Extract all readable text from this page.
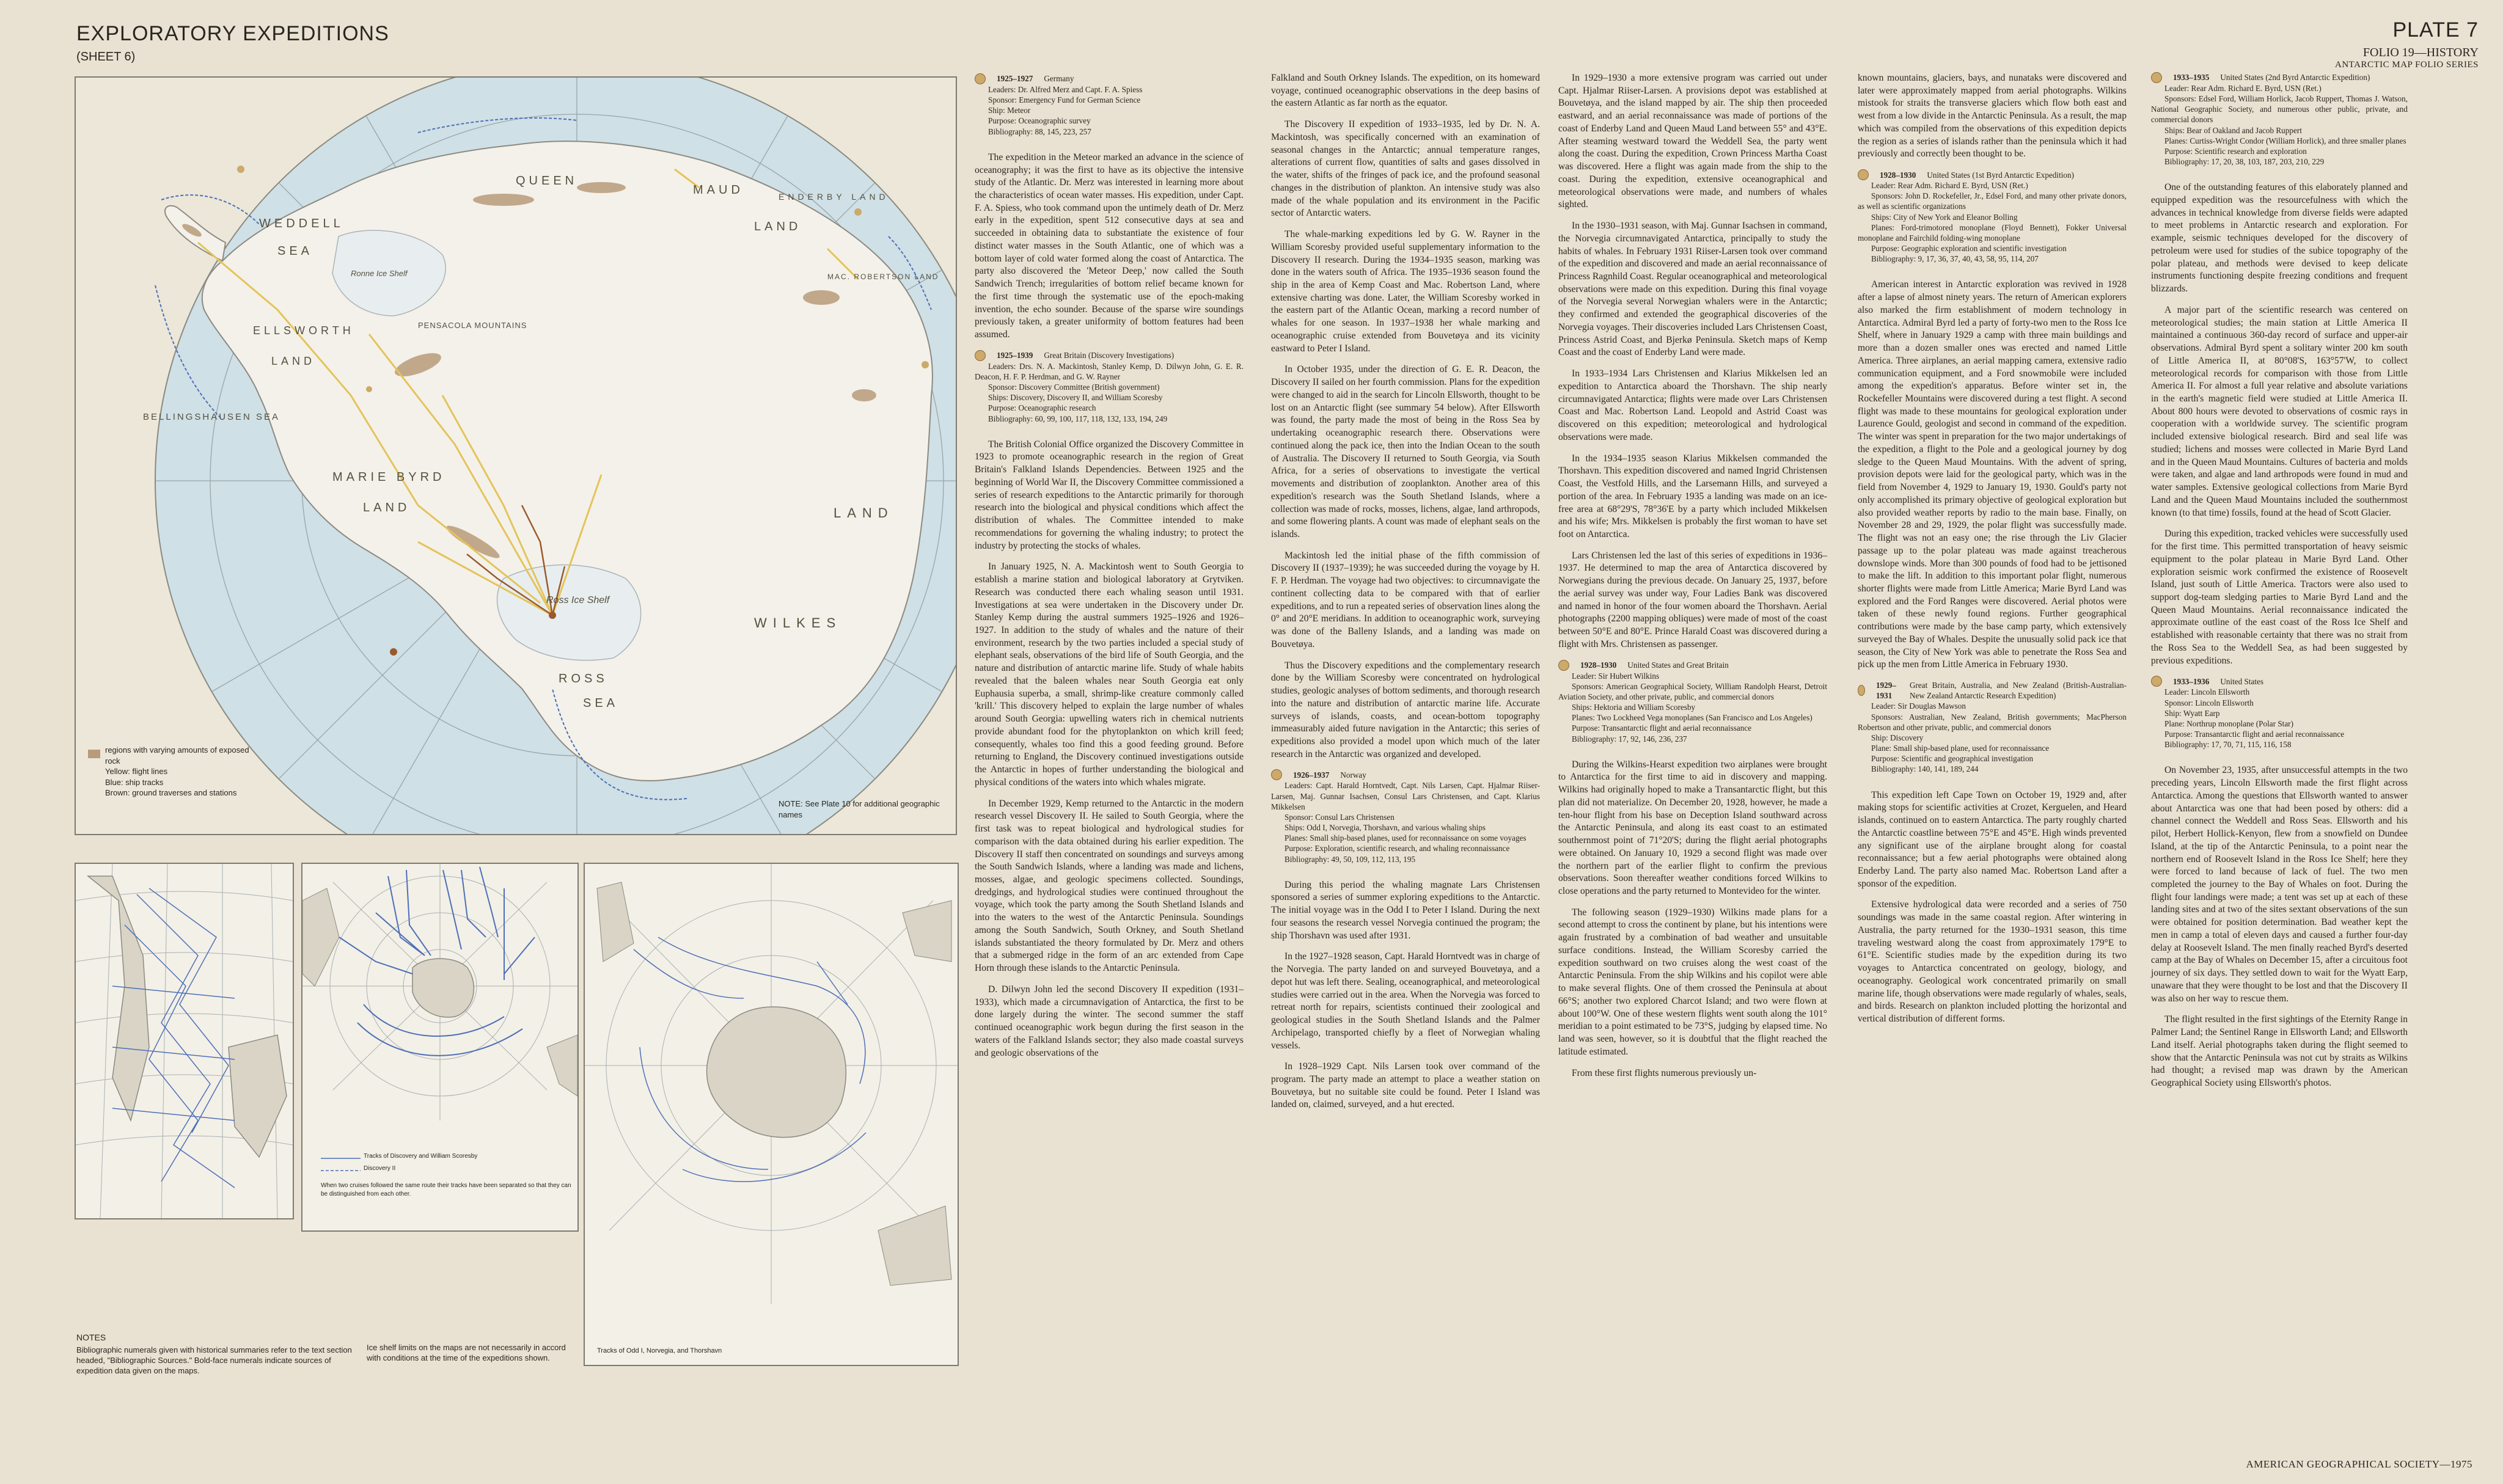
EXPLORATORY EXPEDITIONS
(SHEET 6)
PLATE 7
FOLIO 19—HISTORY
ANTARCTIC MAP FOLIO SERIES
AMERICAN GEOGRAPHICAL SOCIETY—1975
QUEEN
MAUD
LAND
WEDDELL
SEA
ENDERBY LAND
MAC. ROBERTSON LAND
PENSACOLA MOUNTAINS
ELLSWORTH
LAND
BELLINGSHAUSEN SEA
MARIE BYRD
LAND
Ross Ice Shelf
ROSS
SEA
WILKES
LAND
Ronne Ice Shelf
regions with varying amounts of exposed rock
Yellow: flight lines
Blue: ship tracks
Brown: ground traverses and stations
NOTE: See Plate 10 for additional geographic names
Tracks of Discovery and William Scoresby
Discovery II
When two cruises followed the same route their tracks have been separated so that they can be distinguished from each other.
Tracks of Odd I, Norvegia, and Thorshavn
NOTES
Bibliographic numerals given with historical summaries refer to the text section headed, "Bibliographic Sources." Bold-face numerals indicate sources of expedition data given on the maps.
Ice shelf limits on the maps are not necessarily in accord with conditions at the time of the expeditions shown.
1925–1927 Germany

Leaders: Dr. Alfred Merz and Capt. F. A. Spiess

Sponsor: Emergency Fund for German Science

Ship: Meteor

Purpose: Oceanographic survey

Bibliography: 88, 145, 223, 257

The expedition in the Meteor marked an advance in the science of oceanography; it was the first to have as its objective the intensive study of the Atlantic. Dr. Merz was interested in learning more about the characteristics of ocean water masses. His expedition, under Capt. F. A. Spiess, who took command upon the untimely death of Dr. Merz early in the expedition, spent 512 consecutive days at sea and succeeded in obtaining data to substantiate the existence of four distinct water masses in the South Atlantic, one of which was a bottom layer of cold water formed along the coast of Antarctica. The party also discovered the 'Meteor Deep,' now called the South Sandwich Trench; irregularities of bottom relief became known for the first time through the systematic use of the epoch-making invention, the echo sounder. Because of the sparse wire soundings previously taken, a greater uniformity of bottom features had been assumed.

1925–1939 Great Britain (Discovery Investigations)

Leaders: Drs. N. A. Mackintosh, Stanley Kemp, D. Dilwyn John, G. E. R. Deacon, H. F. P. Herdman, and G. W. Rayner

Sponsor: Discovery Committee (British government)

Ships: Discovery, Discovery II, and William Scoresby

Purpose: Oceanographic research

Bibliography: 60, 99, 100, 117, 118, 132, 133, 194, 249

The British Colonial Office organized the Discovery Committee in 1923 to promote oceanographic research in the region of Great Britain's Falkland Islands Dependencies. Between 1925 and the beginning of World War II, the Discovery Committee commissioned a series of research expeditions to the Antarctic primarily for thorough research into the biological and physical conditions which affect the distribution of whales. The Committee intended to make recommendations for governing the whaling industry; to protect the industry by protecting the stocks of whales.

In January 1925, N. A. Mackintosh went to South Georgia to establish a marine station and biological laboratory at Grytviken. Research was conducted there each whaling season until 1931. Investigations at sea were undertaken in the Discovery under Dr. Stanley Kemp during the austral summers 1925–1926 and 1926–1927. In addition to the study of whales and the nature of their environment, research by the two parties included a special study of elephant seals, observations of the bird life of South Georgia, and the nature and distribution of antarctic marine life. Study of whale habits revealed that the baleen whales near South Georgia eat only Euphausia superba, a small, shrimp-like creature commonly called 'krill.' This discovery helped to explain the large number of whales around South Georgia: upwelling waters rich in chemical nutrients provide abundant food for the phytoplankton on which krill feed; consequently, whales too find this a good feeding ground. Before returning to England, the Discovery continued investigations outside the Antarctic in hopes of further understanding the biological and physical conditions of the waters into which whales migrate.

In December 1929, Kemp returned to the Antarctic in the modern research vessel Discovery II. He sailed to South Georgia, where the first task was to repeat biological and hydrological studies for comparison with the data obtained during his earlier expedition. The Discovery II staff then concentrated on soundings and surveys among the South Sandwich Islands, where a landing was made and lichens, mosses, algae, and geologic specimens collected. Soundings, dredgings, and hydrological studies were continued throughout the voyage, which took the party among the South Shetland Islands and into the waters to the west of the Antarctic Peninsula. Soundings among the South Sandwich, South Orkney, and South Shetland islands substantiated the theory formulated by Dr. Merz and others that a submerged ridge in the form of an arc extended from Cape Horn through these islands to the Antarctic Peninsula.

D. Dilwyn John led the second Discovery II expedition (1931–1933), which made a circumnavigation of Antarctica, the first to be done largely during the winter. The second summer the staff continued oceanographic work begun during the first season in the waters of the Falkland Islands sector; they also made coastal surveys and geologic observations of the

Falkland and South Orkney Islands. The expedition, on its homeward voyage, continued oceanographic observations in the deep basins of the eastern Atlantic as far north as the equator.

The Discovery II expedition of 1933–1935, led by Dr. N. A. Mackintosh, was specifically concerned with an examination of seasonal changes in the Antarctic; annual temperature ranges, alterations of current flow, quantities of salts and gases dissolved in the water, shifts of the fringes of pack ice, and the profound seasonal changes in the distribution of plankton. An intensive study was also made of the whale population and its environment in the Pacific sector of Antarctic waters.

The whale-marking expeditions led by G. W. Rayner in the William Scoresby provided useful supplementary information to the Discovery II research. During the 1934–1935 season, marking was done in the waters south of Africa. The 1935–1936 season found the ship in the area of Kemp Coast and Mac. Robertson Land, where extensive charting was done. Later, the William Scoresby worked in the eastern part of the Atlantic Ocean, marking a record number of whales for one season. In 1937–1938 her whale marking and oceanographic cruise extended from Bouvetøya and its vicinity eastward to Peter I Island.

In October 1935, under the direction of G. E. R. Deacon, the Discovery II sailed on her fourth commission. Plans for the expedition were changed to aid in the search for Lincoln Ellsworth, thought to be lost on an Antarctic flight (see summary 54 below). After Ellsworth was found, the party made the most of being in the Ross Sea by undertaking oceanographic research there. Observations were continued along the pack ice, then into the Indian Ocean to the south of Australia. The Discovery II returned to South Georgia, via South Africa, for a series of observations to investigate the vertical movements and distribution of zooplankton. Another area of this expedition's research was the South Shetland Islands, where a collection was made of rocks, mosses, lichens, algae, land arthropods, and some flowering plants. A count was made of elephant seals on the islands.

Mackintosh led the initial phase of the fifth commission of Discovery II (1937–1939); he was succeeded during the voyage by H. F. P. Herdman. The voyage had two objectives: to circumnavigate the continent collecting data to be compared with that of earlier expeditions, and to run a repeated series of observation lines along the 0° and 20°E meridians. In addition to oceanographic work, surveying was done of the Balleny Islands, and a landing was made on Bouvetøya.

Thus the Discovery expeditions and the complementary research done by the William Scoresby were concentrated on hydrological studies, geologic analyses of bottom sediments, and thorough research into the nature and distribution of antarctic marine life. Accurate surveys of islands, coasts, and ocean-bottom topography immeasurably aided future navigation in the Antarctic; this series of expeditions also provided a model upon which much of the later research in the Antarctic was organized and developed.

1926–1937 Norway

Leaders: Capt. Harald Horntvedt, Capt. Nils Larsen, Capt. Hjalmar Riiser-Larsen, Maj. Gunnar Isachsen, Consul Lars Christensen, and Capt. Klarius Mikkelsen

Sponsor: Consul Lars Christensen

Ships: Odd I, Norvegia, Thorshavn, and various whaling ships

Planes: Small ship-based planes, used for reconnaissance on some voyages

Purpose: Exploration, scientific research, and whaling reconnaissance

Bibliography: 49, 50, 109, 112, 113, 195

During this period the whaling magnate Lars Christensen sponsored a series of summer exploring expeditions to the Antarctic. The initial voyage was in the Odd I to Peter I Island. During the next four seasons the research vessel Norvegia continued the program; the ship Thorshavn was used after 1931.

In the 1927–1928 season, Capt. Harald Horntvedt was in charge of the Norvegia. The party landed on and surveyed Bouvetøya, and a depot hut was left there. Sealing, oceanographical, and meteorological studies were carried out in the area. When the Norvegia was forced to retreat north for repairs, scientists continued their zoological and geological studies in the South Shetland Islands and the Palmer Archipelago, transported chiefly by a fleet of Norwegian whaling vessels.

In 1928–1929 Capt. Nils Larsen took over command of the program. The party made an attempt to place a weather station on Bouvetøya, but no suitable site could be found. Peter I Island was landed on, claimed, surveyed, and a hut erected.

In 1929–1930 a more extensive program was carried out under Capt. Hjalmar Riiser-Larsen. A provisions depot was established at Bouvetøya, and the island mapped by air. The ship then proceeded eastward, and an aerial reconnaissance was made of portions of the coast of Enderby Land and Queen Maud Land between 55° and 43°E. After steaming westward toward the Weddell Sea, the party went along the coast. During the expedition, Crown Princess Martha Coast was discovered. Here a flight was again made from the ship to the coast. During the expedition, extensive oceanographical and meteorological observations were made, and numbers of whales sighted.

In the 1930–1931 season, with Maj. Gunnar Isachsen in command, the Norvegia circumnavigated Antarctica, principally to study the habits of whales. In February 1931 Riiser-Larsen took over command of the expedition and discovered and made an aerial reconnaissance of Princess Ragnhild Coast. Regular oceanographical and meteorological observations were made on this expedition. During this final voyage of the Norvegia several Norwegian whalers were in the Antarctic; they confirmed and extended the geographical discoveries of the Norvegia voyages. Their discoveries included Lars Christensen Coast, Princess Astrid Coast, and Bjerkø Peninsula. Sketch maps of Kemp Coast and the coast of Enderby Land were made.

In 1933–1934 Lars Christensen and Klarius Mikkelsen led an expedition to Antarctica aboard the Thorshavn. The ship nearly circumnavigated Antarctica; flights were made over Lars Christensen Coast and Mac. Robertson Land. Leopold and Astrid Coast was discovered on this expedition; meteorological and hydrological observations were made.

In the 1934–1935 season Klarius Mikkelsen commanded the Thorshavn. This expedition discovered and named Ingrid Christensen Coast, the Vestfold Hills, and the Larsemann Hills, and surveyed a portion of the area. In February 1935 a landing was made on an ice-free area at 68°29'S, 78°36'E by a party which included Mikkelsen and his wife; Mrs. Mikkelsen is probably the first woman to have set foot on Antarctica.

Lars Christensen led the last of this series of expeditions in 1936–1937. He determined to map the area of Antarctica discovered by Norwegians during the previous decade. On January 25, 1937, before the aerial survey was under way, Four Ladies Bank was discovered and named in honor of the four women aboard the Thorshavn. Aerial photographs (2200 mapping obliques) were made of most of the coast between 50°E and 80°E. Prince Harald Coast was discovered during a flight with Mrs. Christensen as passenger.

1928–1930 United States and Great Britain

Leader: Sir Hubert Wilkins

Sponsors: American Geographical Society, William Randolph Hearst, Detroit Aviation Society, and other private, public, and commercial donors

Ships: Hektoria and William Scoresby

Planes: Two Lockheed Vega monoplanes (San Francisco and Los Angeles)

Purpose: Transantarctic flight and aerial reconnaissance

Bibliography: 17, 92, 146, 236, 237

During the Wilkins-Hearst expedition two airplanes were brought to Antarctica for the first time to aid in discovery and mapping. Wilkins had originally hoped to make a Transantarctic flight, but this plan did not materialize. On December 20, 1928, however, he made a ten-hour flight from his base on Deception Island southward across the Antarctic Peninsula, and along its east coast to an estimated southernmost point of 71°20'S; during the flight aerial photographs were obtained. On January 10, 1929 a second flight was made over the northern part of the earlier flight to confirm the previous observations. Soon thereafter weather conditions forced Wilkins to close operations and the party returned to Montevideo for the winter.

The following season (1929–1930) Wilkins made plans for a second attempt to cross the continent by plane, but his intentions were again frustrated by a combination of bad weather and unsuitable surface conditions. Instead, the William Scoresby carried the expedition southward on two cruises along the west coast of the Antarctic Peninsula. From the ship Wilkins and his copilot were able to make several flights. One of them crossed the Peninsula at about 66°S; another two explored Charcot Island; and two were flown at about 100°W. One of these western flights went south along the 101° meridian to a point estimated to be 73°S, judging by elapsed time. No land was seen, however, so it is doubtful that the flight reached the latitude estimated.

From these first flights numerous previously un-

known mountains, glaciers, bays, and nunataks were discovered and later were approximately mapped from aerial photographs. Wilkins mistook for straits the transverse glaciers which flow both east and west from a low divide in the Antarctic Peninsula. As a result, the map which was compiled from the observations of this expedition depicts the region as a series of islands rather than the peninsula which it had previously and correctly been thought to be.

1928–1930 United States (1st Byrd Antarctic Expedition)

Leader: Rear Adm. Richard E. Byrd, USN (Ret.)

Sponsors: John D. Rockefeller, Jr., Edsel Ford, and many other private donors, as well as scientific organizations

Ships: City of New York and Eleanor Bolling

Planes: Ford-trimotored monoplane (Floyd Bennett), Fokker Universal monoplane and Fairchild folding-wing monoplane

Purpose: Geographic exploration and scientific investigation

Bibliography: 9, 17, 36, 37, 40, 43, 58, 95, 114, 207

American interest in Antarctic exploration was revived in 1928 after a lapse of almost ninety years. The return of American explorers also marked the firm establishment of modern technology in Antarctica. Admiral Byrd led a party of forty-two men to the Ross Ice Shelf, where in January 1929 a camp with three main buildings and more than a dozen smaller ones was erected and named Little America. Three airplanes, an aerial mapping camera, extensive radio communication equipment, and a Ford snowmobile were included among the expedition's apparatus. Before winter set in, the Rockefeller Mountains were discovered during a test flight. A second flight was made to these mountains for geological exploration under Laurence Gould, geologist and second in command of the expedition. The winter was spent in preparation for the two major undertakings of the expedition, a flight to the Pole and a geological journey by dog sledge to the Queen Maud Mountains. With the advent of spring, provision depots were laid for the geological party, which was in the field from November 4, 1929 to January 19, 1930. Gould's party not only accomplished its primary objective of geological exploration but also provided weather reports by radio to the main base. Finally, on November 28 and 29, 1929, the polar flight was successfully made. The flight was not an easy one; the rise through the Liv Glacier passage up to the polar plateau was made against treacherous downslope winds. More than 300 pounds of food had to be jettisoned to make the lift. In addition to this important polar flight, numerous shorter flights were made from Little America; Marie Byrd Land was explored and the Ford Ranges were discovered. Aerial photos were taken of these newly found regions. Further geographical contributions were made by the base camp party, which extensively surveyed the Bay of Whales. Despite the unusually solid pack ice that season, the City of New York was able to penetrate the Ross Sea and pick up the men from Little America in February 1930.

1929–1931
Great Britain, Australia, and New Zealand (British-Australian-New Zealand Antarctic Research Expedition)

Leader: Sir Douglas Mawson

Sponsors: Australian, New Zealand, British governments; MacPherson Robertson and other private, public, and commercial donors

Ship: Discovery

Plane: Small ship-based plane, used for reconnaissance

Purpose: Scientific and geographical investigation

Bibliography: 140, 141, 189, 244

This expedition left Cape Town on October 19, 1929 and, after making stops for scientific activities at Crozet, Kerguelen, and Heard islands, continued on to eastern Antarctica. The party roughly charted the Antarctic coastline between 75°E and 45°E. High winds prevented any significant use of the airplane brought along for coastal reconnaissance; but a few aerial photographs were obtained along Enderby Land. The party also named Mac. Robertson Land after a sponsor of the expedition.

Extensive hydrological data were recorded and a series of 750 soundings was made in the same coastal region. After wintering in Australia, the party returned for the 1930–1931 season, this time traveling westward along the coast from approximately 179°E to 61°E. Scientific studies made by the expedition during its two voyages to Antarctica concentrated on geology, biology, and oceanography. Geological work concentrated primarily on small marine life, though observations were made regularly of whales, seals, and birds. Research on plankton included plotting the horizontal and vertical distribution of different forms.

1933–1935 United States (2nd Byrd Antarctic Expedition)

Leader: Rear Adm. Richard E. Byrd, USN (Ret.)

Sponsors: Edsel Ford, William Horlick, Jacob Ruppert, Thomas J. Watson, National Geographic Society, and numerous other public, private, and commercial donors

Ships: Bear of Oakland and Jacob Ruppert

Planes: Curtiss-Wright Condor (William Horlick), and three smaller planes

Purpose: Scientific research and exploration

Bibliography: 17, 20, 38, 103, 187, 203, 210, 229

One of the outstanding features of this elaborately planned and equipped expedition was the resourcefulness with which the advances in technical knowledge from diverse fields were adapted to meet problems in Antarctic research and exploration. For example, seismic techniques developed for the discovery of petroleum were used for studies of the subice topography of the polar plateau, and methods were devised to keep delicate instruments functioning despite freezing conditions and frequent blizzards.

A major part of the scientific research was centered on meteorological studies; the main station at Little America II maintained a continuous 360-day record of surface and upper-air observations. Admiral Byrd spent a solitary winter 200 km south of Little America II, at 80°08'S, 163°57'W, to collect meteorological records for comparison with those from Little America II. For almost a full year relative and absolute variations in the earth's magnetic field were studied at Little America II. About 800 hours were devoted to observations of cosmic rays in cooperation with a worldwide survey. The scientific program included extensive biological research. Bird and seal life was studied; lichens and mosses were collected in Marie Byrd Land and in the Queen Maud Mountains. Cultures of bacteria and molds were taken, and algae and land arthropods were found in mud and water samples. Extensive geological collections from Marie Byrd Land and the Queen Maud Mountains included the southernmost known (to that time) fossils, found at the head of Scott Glacier.

During this expedition, tracked vehicles were successfully used for the first time. This permitted transportation of heavy seismic equipment to the polar plateau in Marie Byrd Land. Other exploration seismic work confirmed the existence of Roosevelt Island, just south of Little America. Tractors were also used to support dog-team sledging parties to Marie Byrd Land and the Queen Maud Mountains. Aerial reconnaissance indicated the approximate outline of the east coast of the Ross Ice Shelf and established with reasonable certainty that there was no strait from the Ross Sea to the Weddell Sea, as had been suggested by previous expeditions.

1933–1936 United States

Leader: Lincoln Ellsworth

Sponsor: Lincoln Ellsworth

Ship: Wyatt Earp

Plane: Northrup monoplane (Polar Star)

Purpose: Transantarctic flight and aerial reconnaissance

Bibliography: 17, 70, 71, 115, 116, 158

On November 23, 1935, after unsuccessful attempts in the two preceding years, Lincoln Ellsworth made the first flight across Antarctica. Among the questions that Ellsworth wanted to answer about Antarctica was one that had been posed by others: did a channel connect the Weddell and Ross Seas. Ellsworth and his pilot, Herbert Hollick-Kenyon, flew from a snowfield on Dundee Island, at the tip of the Antarctic Peninsula, to a point near the northern end of Roosevelt Island in the Ross Ice Shelf; here they were forced to land because of lack of fuel. The two men completed the journey to the Bay of Whales on foot. During the flight four landings were made; a tent was set up at each of these landing sites and at two of the sites sextant observations of the sun were obtained for position determination. Bad weather kept the men in camp a total of eleven days and caused a further four-day delay at Roosevelt Island. The men finally reached Byrd's deserted camp at the Bay of Whales on December 15, after a circuitous foot journey of six days. They settled down to wait for the Wyatt Earp, unaware that they were thought to be lost and that the Discovery II was also on her way to rescue them.

The flight resulted in the first sightings of the Eternity Range in Palmer Land; the Sentinel Range in Ellsworth Land; and Ellsworth Land itself. Aerial photographs taken during the flight seemed to show that the Antarctic Peninsula was not cut by straits as Wilkins had thought; a revised map was drawn by the American Geographical Society using Ellsworth's photos.
